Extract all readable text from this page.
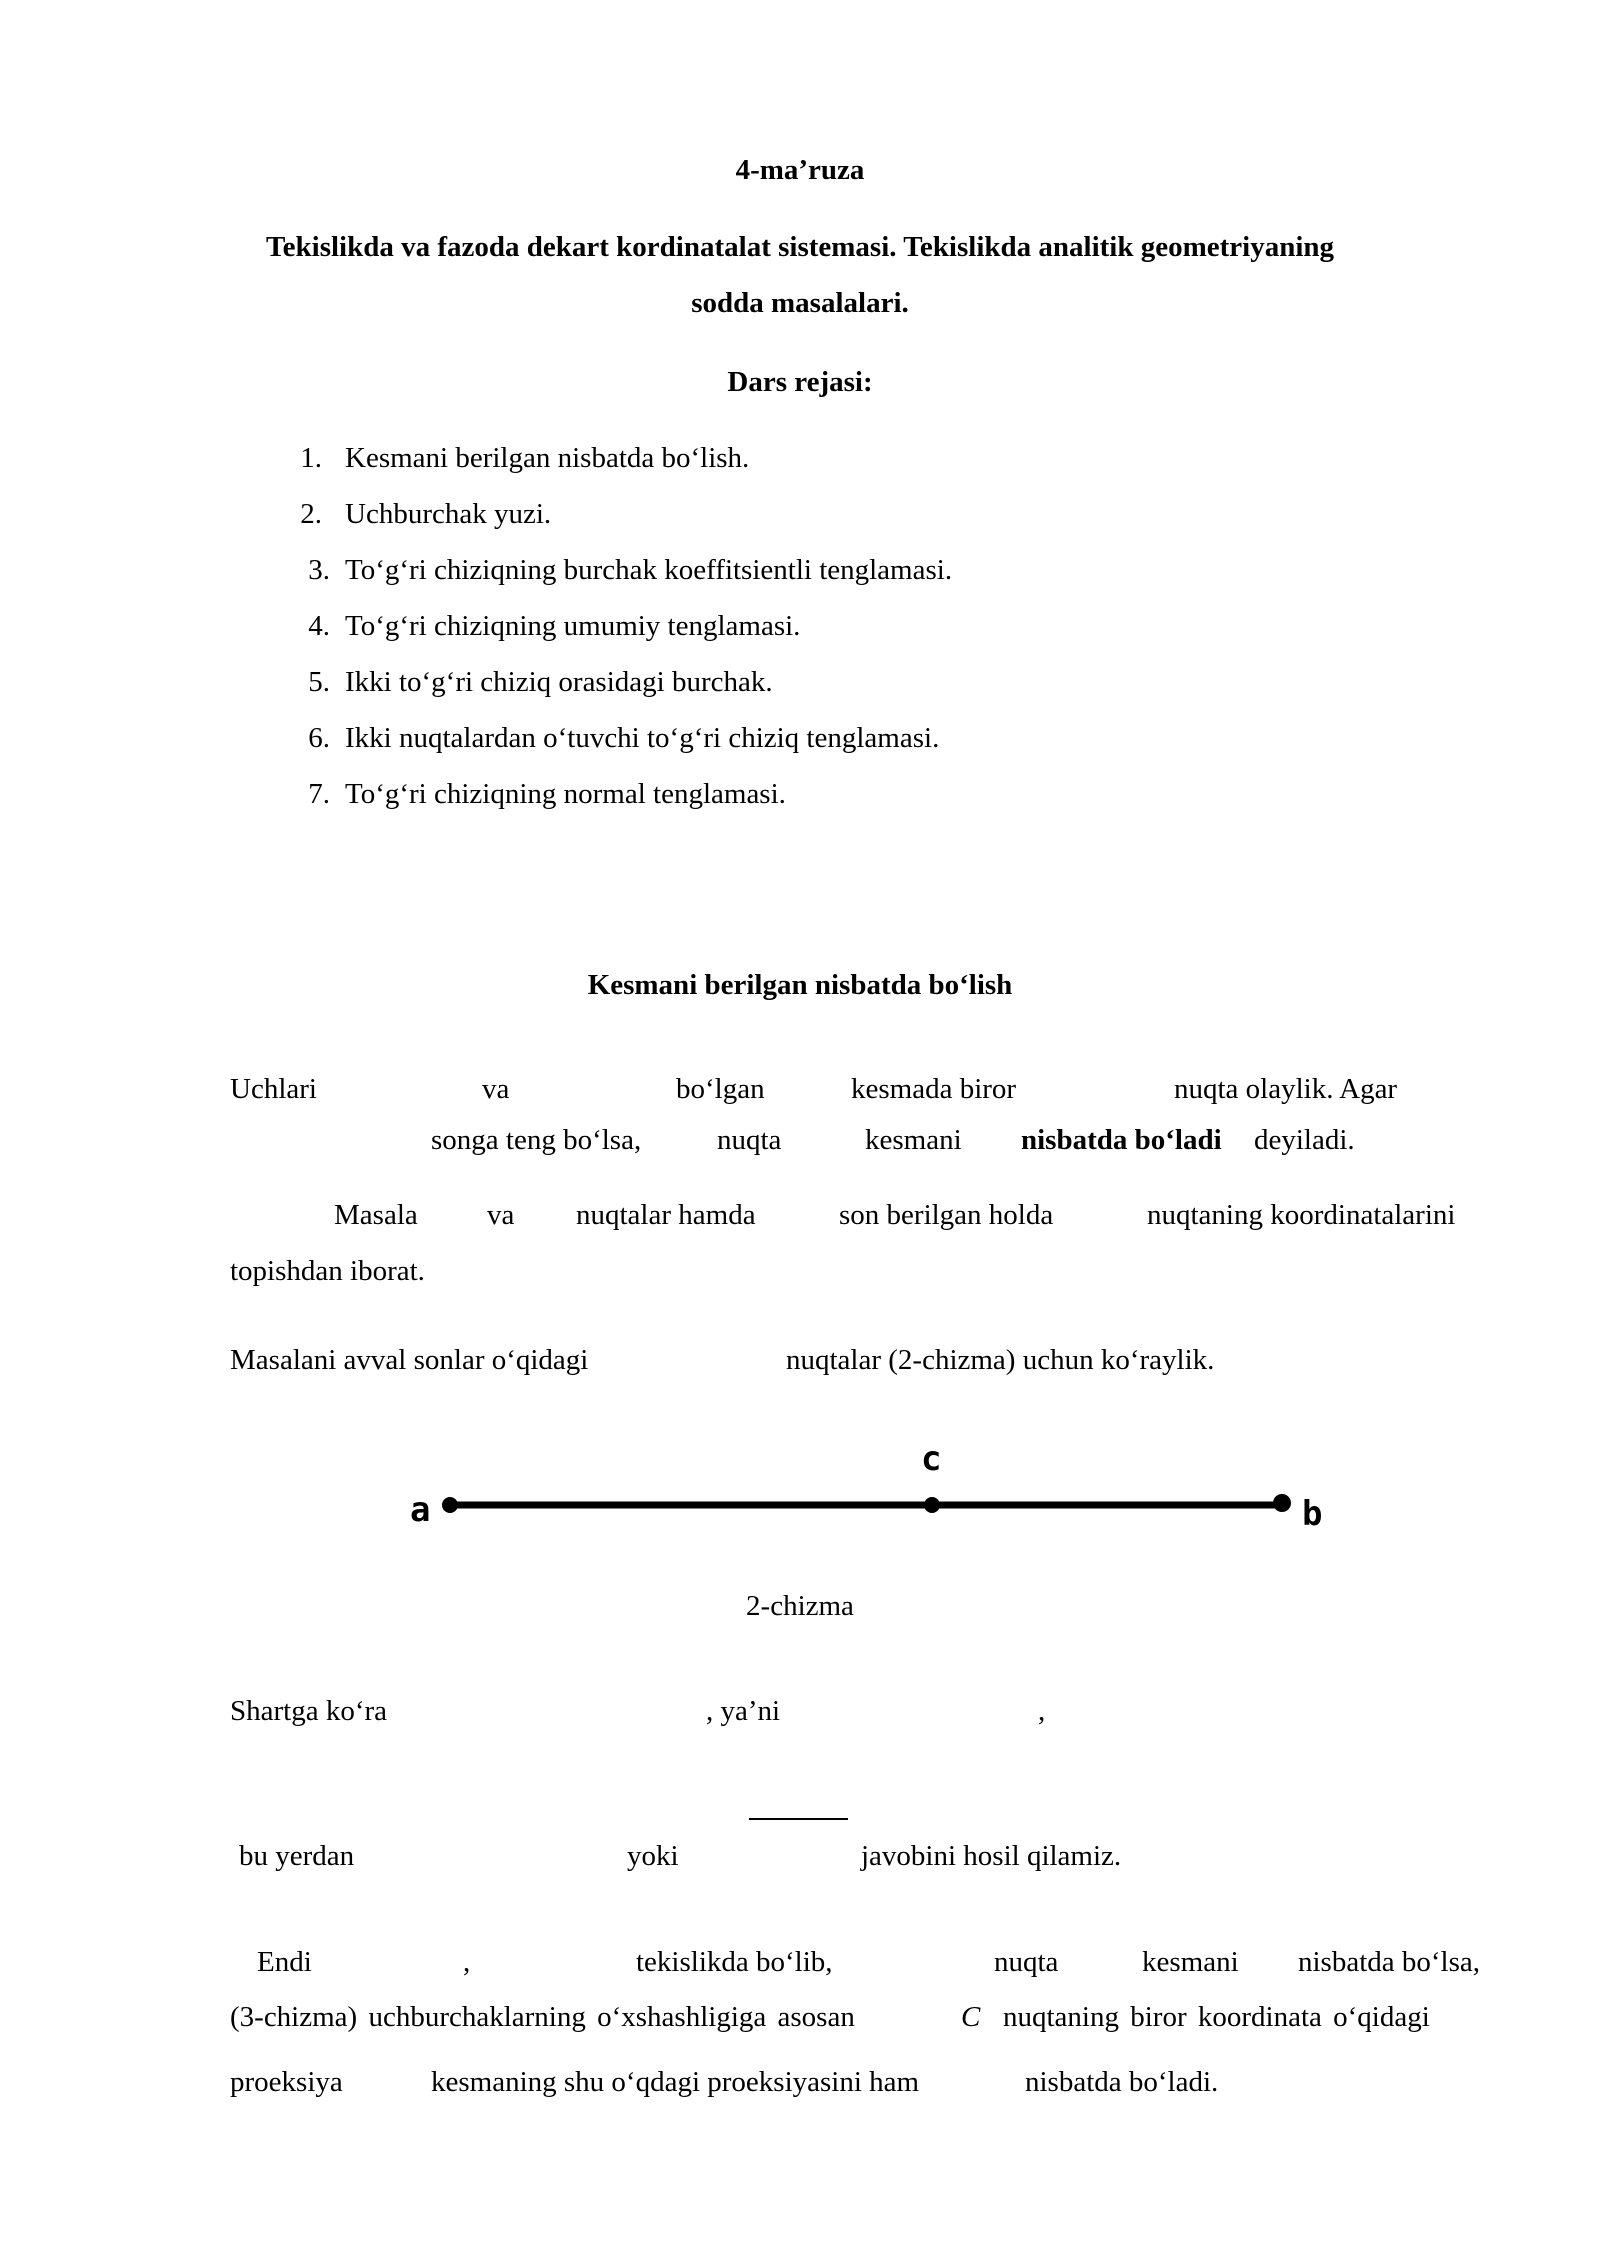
4-ma’ruza
Tekislikda va fazoda dekart kordinatalat sistemasi. Tekislikda analitik geometriyaning
sodda masalalari.
Dars rejasi:
1. Kesmani berilgan nisbatda bo‘lish.
2. Uchburchak yuzi.
3. To‘g‘ri chiziqning burchak koeffitsientli tenglamasi.
4. To‘g‘ri chiziqning umumiy tenglamasi.
5. Ikki to‘g‘ri chiziq orasidagi burchak.
6. Ikki nuqtalardan o‘tuvchi to‘g‘ri chiziq tenglamasi.
7. To‘g‘ri chiziqning normal tenglamasi.
Kesmani berilgan nisbatda bo‘lish
Uchlari	va	bo‘lgan	kesmada biror	nuqta olaylik. Agar
songa teng bo‘lsa,	nuqta	kesmani nisbatda bo‘ladi deyiladi.
Masala va nuqtalar hamda	son berilgan holda	nuqtaning koordinatalarini
topishdan iborat.
Masalani avval sonlar o‘qidagi	nuqtalar (2-chizma) uchun ko‘raylik.
a
c
b
2-chizma
Shartga ko‘ra	, ya’ni	,
bu yerdan	yoki	javobini hosil qilamiz.
Endi	,	tekislikda bo‘lib,	nuqta	kesmani nisbatda bo‘lsa,
(3-chizma) uchburchaklarning o‘xshashligiga asosan	C nuqtaning biror koordinata o‘qidagi
proeksiya	kesmaning shu o‘qdagi proeksiyasini ham	nisbatda bo‘ladi.
